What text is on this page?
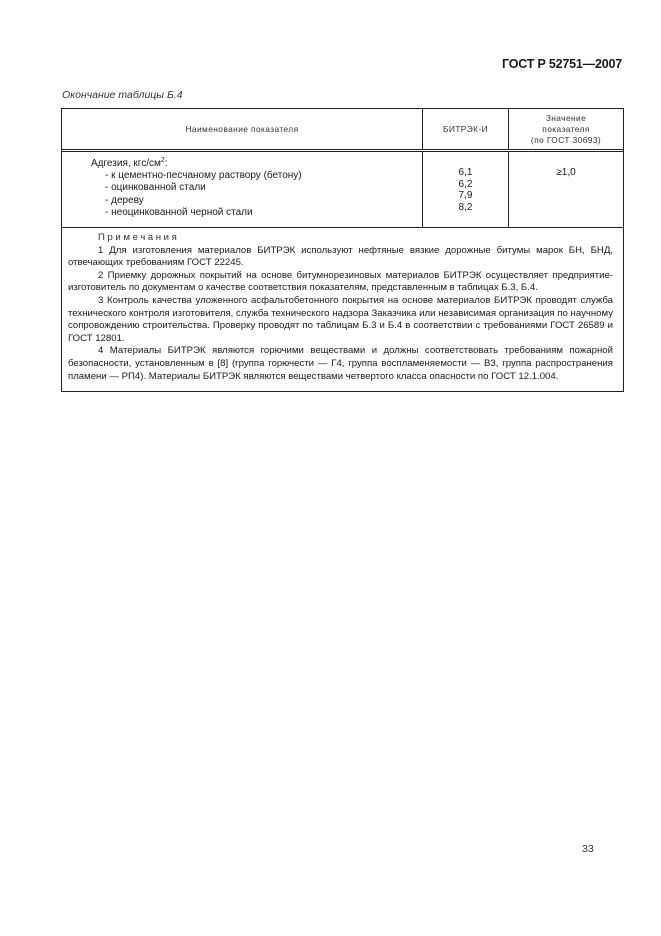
ГОСТ Р 52751—2007
Окончание таблицы Б.4
Наименование показателя	БИТРЭК-И
Значение
показателя
(по ГОСТ 30693)
Адгезия, кгс/$см^2$:
- к цементно-песчаному раствору (бетону)
- оцинкованной стали
- дереву
- неоцинкованной черной стали
6,1
6,2
7,9
8,2
≥1,0
Примечания

1 Для изготовления материалов БИТРЭК используют нефтяные вязкие дорожные битумы марок БН, БНД, отвечающих требованиям ГОСТ 22245.

2 Приемку дорожных покрытий на основе битумнорезиновых материалов БИТРЭК осуществляет предприятие-изготовитель по документам о качестве соответствия показателям, представленным в таблицах Б.3, Б.4.

3 Контроль качества уложенного асфальтобетонного покрытия на основе материалов БИТРЭК проводят служба технического контроля изготовителя, служба технического надзора Заказчика или независимая организация по научному сопровождению строительства. Проверку проводят по таблицам Б.3 и Б.4 в соответствии с требованиями ГОСТ 26589 и ГОСТ 12801.

4 Материалы БИТРЭК являются горючими веществами и должны соответствовать требованиям пожарной безопасности, установленным в [8] (группа горючести — Г4, группа воспламеняемости — В3, группа распространения пламени — РП4). Материалы БИТРЭК являются веществами четвертого класса опасности по ГОСТ 12.1.004.

33
